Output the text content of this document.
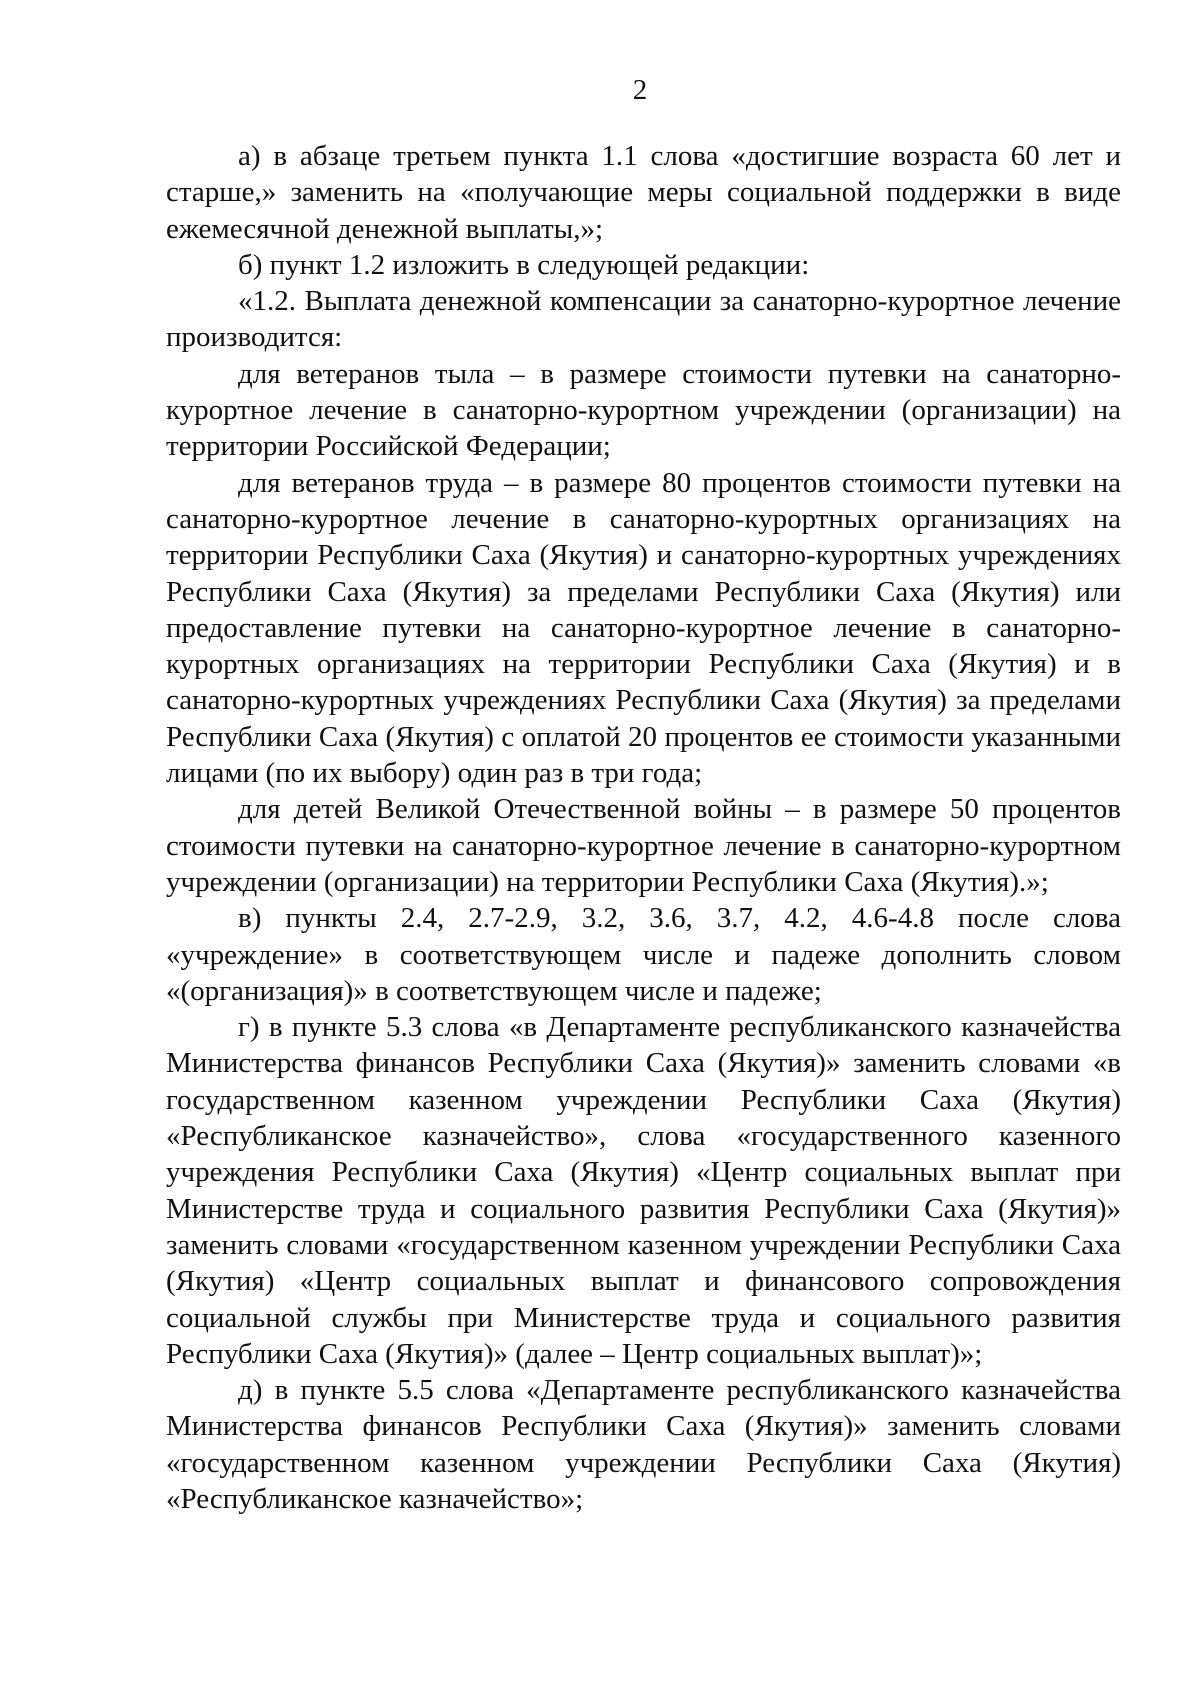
2

а) в абзаце третьем пункта 1.1 слова «достигшие возраста 60 лет и старше,» заменить на «получающие меры социальной поддержки в виде ежемесячной денежной выплаты,»;

б) пункт 1.2 изложить в следующей редакции:

«1.2. Выплата денежной компенсации за санаторно-курортное лечение производится:

для ветеранов тыла – в размере стоимости путевки на санаторно-курортное лечение в санаторно-курортном учреждении (организации) на территории Российской Федерации;

для ветеранов труда – в размере 80 процентов стоимости путевки на санаторно-курортное лечение в санаторно-курортных организациях на территории Республики Саха (Якутия) и санаторно-курортных учреждениях Республики Саха (Якутия) за пределами Республики Саха (Якутия) или предоставление путевки на санаторно-курортное лечение в санаторно-курортных организациях на территории Республики Саха (Якутия) и в санаторно-курортных учреждениях Республики Саха (Якутия) за пределами Республики Саха (Якутия) с оплатой 20 процентов ее стоимости указанными лицами (по их выбору) один раз в три года;

для детей Великой Отечественной войны – в размере 50 процентов стоимости путевки на санаторно-курортное лечение в санаторно-курортном учреждении (организации) на территории Республики Саха (Якутия).»;

в) пункты 2.4, 2.7-2.9, 3.2, 3.6, 3.7, 4.2, 4.6-4.8 после слова «учреждение» в соответствующем числе и падеже дополнить словом «(организация)» в соответствующем числе и падеже;

г) в пункте 5.3 слова «в Департаменте республиканского казначейства Министерства финансов Республики Саха (Якутия)» заменить словами «в государственном казенном учреждении Республики Саха (Якутия) «Республиканское казначейство», слова «государственного казенного учреждения Республики Саха (Якутия) «Центр социальных выплат при Министерстве труда и социального развития Республики Саха (Якутия)» заменить словами «государственном казенном учреждении Республики Саха (Якутия) «Центр социальных выплат и финансового сопровождения социальной службы при Министерстве труда и социального развития Республики Саха (Якутия)» (далее – Центр социальных выплат)»;

д) в пункте 5.5 слова «Департаменте республиканского казначейства Министерства финансов Республики Саха (Якутия)» заменить словами «государственном казенном учреждении Республики Саха (Якутия) «Республиканское казначейство»;
